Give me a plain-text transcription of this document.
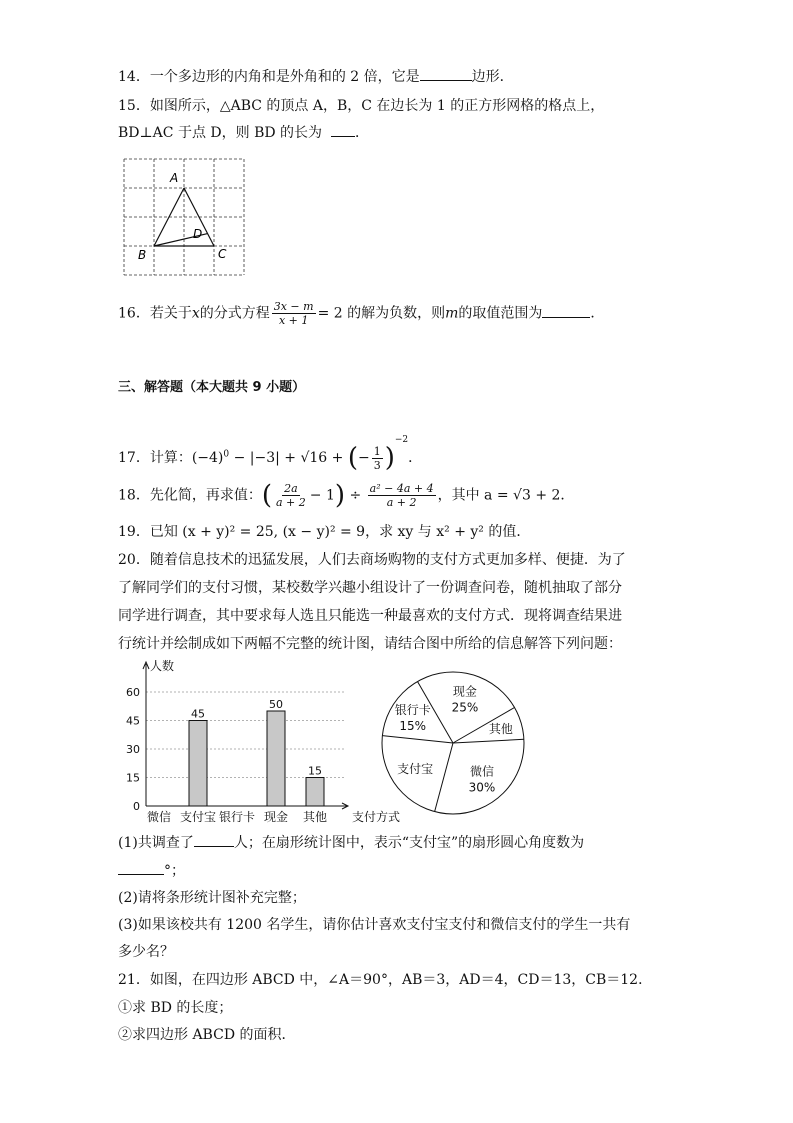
14．一个多边形的内角和是外角和的 2 倍，它是	边形．
15．如图所示，△ABC 的顶点 A，B，C 在边长为 1 的正方形网格的格点上，
BD⊥AC 于点 D，则 BD 的长为 ．
A
B	C
D
16．若关于x的分式方程 $\frac{3x - m}{x + 1} = 2$ 的解为负数，则m的取值范围为	．
三、解答题（本大题共 9 小题）
17．计算：$(-4)^0 - |-3| + √16$ + (− $\frac{1}{3} )^{-2}$．
18．先化简，再求值：( $\frac{2a}{a + 2} - 1) \div \frac{\text{a² − 4a + 4}}{a + 2}$ ，其中 a = √3 + 2．
19．已知 (x + y)² = 25, (x − y)² = 9，求 xy 与 x² + y² 的值．
20．随着信息技术的迅猛发展，人们去商场购物的支付方式更加多样、便捷．为了
了解同学们的支付习惯，某校数学兴趣小组设计了一份调查问卷，随机抽取了部分
同学进行调查，其中要求每人选且只能选一种最喜欢的支付方式．现将调查结果进
行统计并绘制成如下两幅不完整的统计图，请结合图中所给的信息解答下列问题：
0
15
30
45
60
人数
支付方式
微信 支付宝
45
银行卡 现金
50
其他
15
银行卡
15%
现金
25%
其他
微信
30%
支付宝
(1)共调查了	人；在扇形统计图中，表示“支付宝”的扇形圆心角度数为
°；
(2)请将条形统计图补充完整；
(3)如果该校共有 1200 名学生，请你估计喜欢支付宝支付和微信支付的学生一共有
多少名？
21．如图，在四边形 ABCD 中，∠A＝90°，AB＝3，AD＝4，CD＝13，CB＝12．
①求 BD 的长度；
②求四边形 ABCD 的面积．
